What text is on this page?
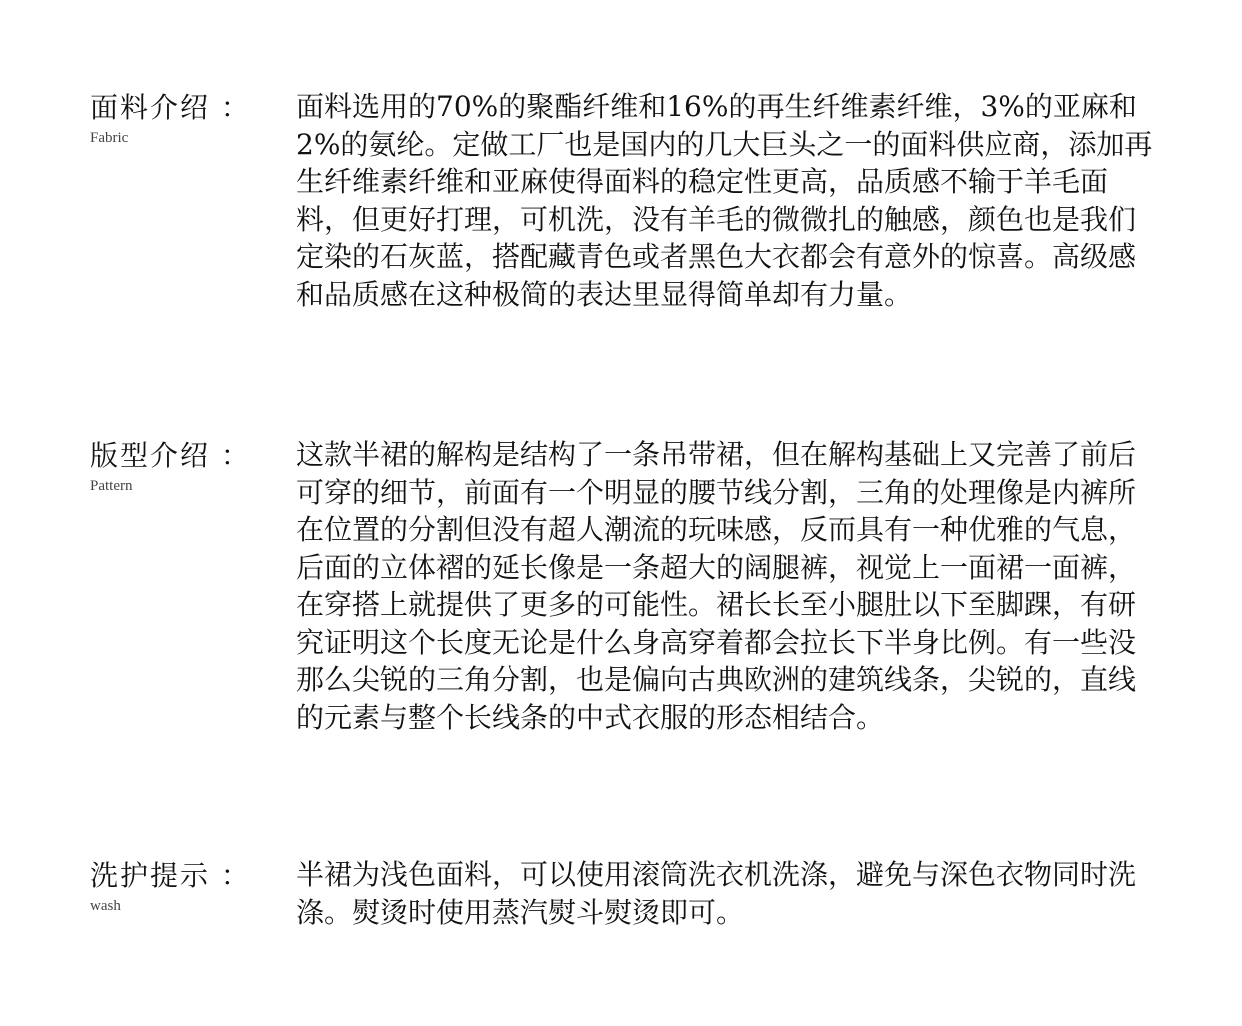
面料介绍 ：
Fabric
面料选用的70%的聚酯纤维和16%的再生纤维素纤维，3%的亚麻和2%的氨纶。定做工厂也是国内的几大巨头之一的面料供应商，添加再生纤维素纤维和亚麻使得面料的稳定性更高，品质感不输于羊毛面料，但更好打理，可机洗，没有羊毛的微微扎的触感，颜色也是我们定染的石灰蓝，搭配藏青色或者黑色大衣都会有意外的惊喜。高级感和品质感在这种极简的表达里显得简单却有力量。
版型介绍 ：
Pattern
这款半裙的解构是结构了一条吊带裙，但在解构基础上又完善了前后可穿的细节，前面有一个明显的腰节线分割，三角的处理像是内裤所在位置的分割但没有超人潮流的玩味感，反而具有一种优雅的气息，后面的立体褶的延长像是一条超大的阔腿裤，视觉上一面裙一面裤，在穿搭上就提供了更多的可能性。裙长长至小腿肚以下至脚踝，有研究证明这个长度无论是什么身高穿着都会拉长下半身比例。有一些没那么尖锐的三角分割，也是偏向古典欧洲的建筑线条，尖锐的，直线的元素与整个长线条的中式衣服的形态相结合。
洗护提示 ：
wash
半裙为浅色面料，可以使用滚筒洗衣机洗涤，避免与深色衣物同时洗涤。熨烫时使用蒸汽熨斗熨烫即可。
